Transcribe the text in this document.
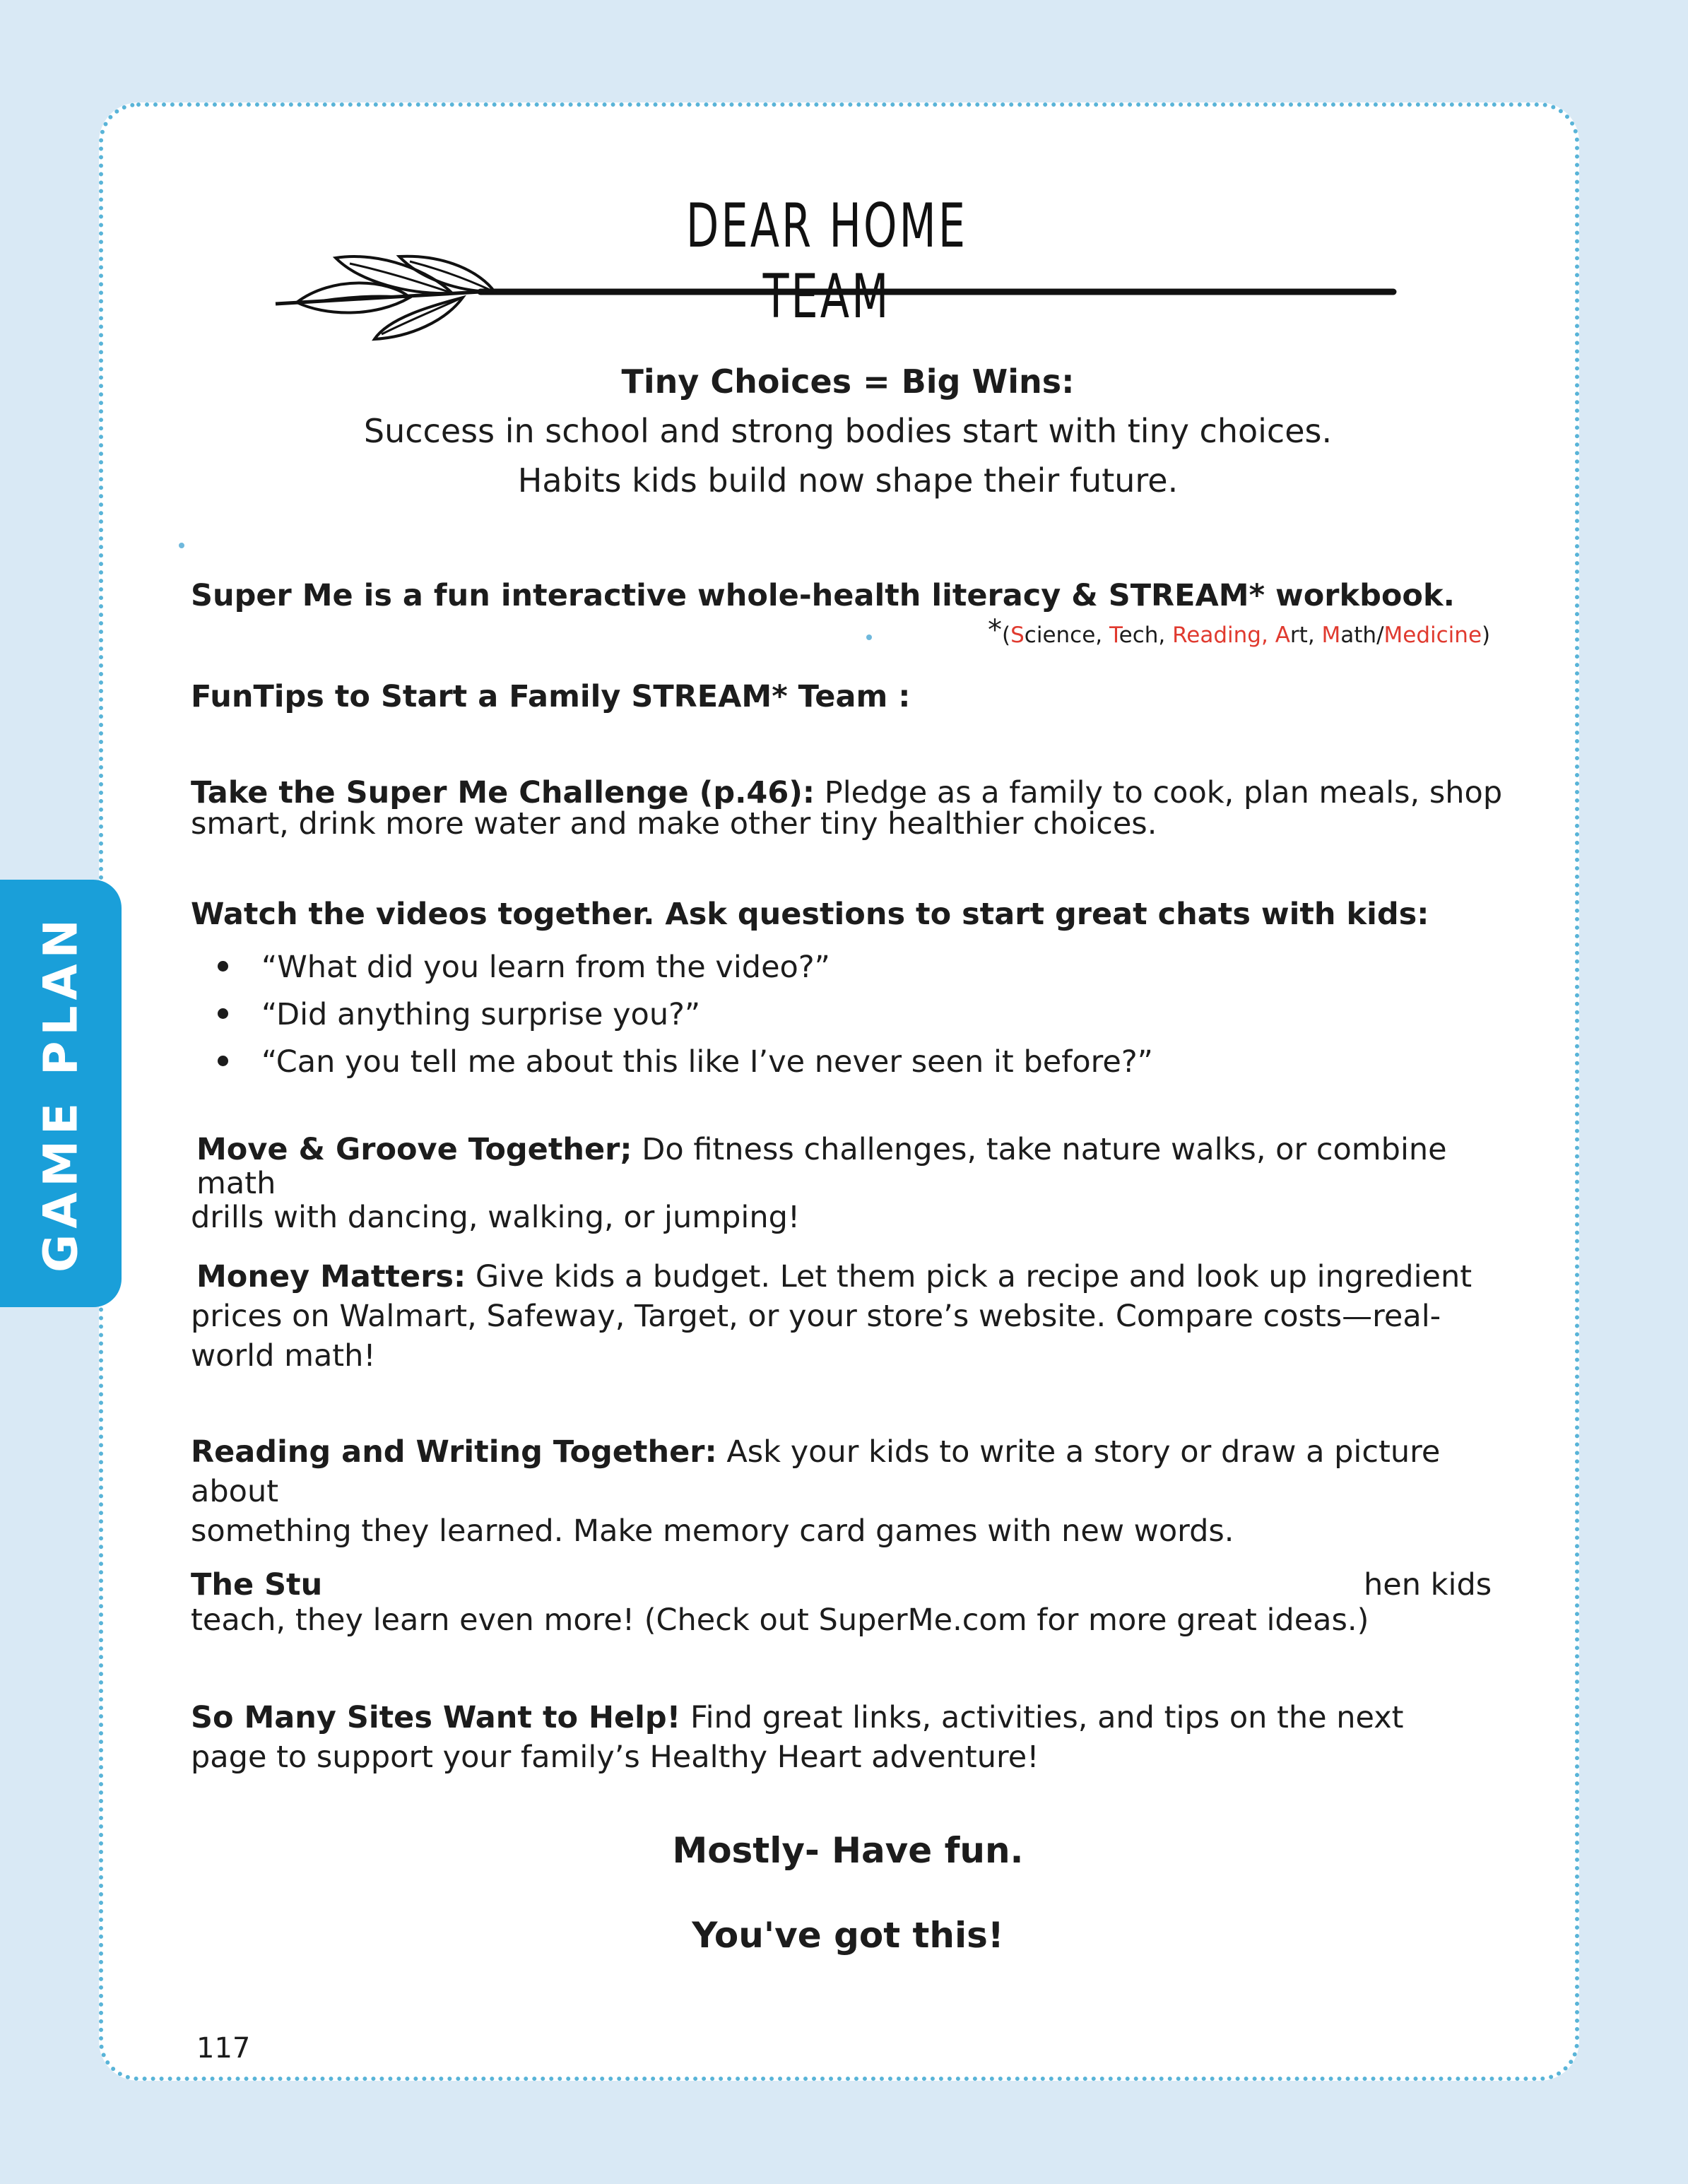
GAME PLAN
DEAR HOME TEAM
Tiny Choices = Big Wins:
Success in school and strong bodies start with tiny choices.
Habits kids build now shape their future.
Super Me is a fun interactive whole-health literacy & STREAM* workbook.
*(Science, Tech, Reading, Art, Math/Medicine)
FunTips to Start a Family STREAM* Team :
Take the Super Me Challenge (p.46): Pledge as a family to cook, plan meals, shop
smart, drink more water and make other tiny healthier choices.
Watch the videos together. Ask questions to start great chats with kids:
“What did you learn from the video?”
“Did anything surprise you?”
“Can you tell me about this like I’ve never seen it before?”
Move & Groove Together; Do fitness challenges, take nature walks, or combine math
drills with dancing, walking, or jumping!
Money Matters: Give kids a budget. Let them pick a recipe and look up ingredient
prices on Walmart, Safeway, Target, or your store’s website. Compare costs—real-
world math!
Reading and Writing Together: Ask your kids to write a story or draw a picture about
something they learned. Make memory card games with new words.
The Stu	hen kids
teach, they learn even more! (Check out SuperMe.com for more great ideas.)
So Many Sites Want to Help! Find great links, activities, and tips on the next
page to support your family’s Healthy Heart adventure!
Mostly- Have fun.
You've got this!
117
